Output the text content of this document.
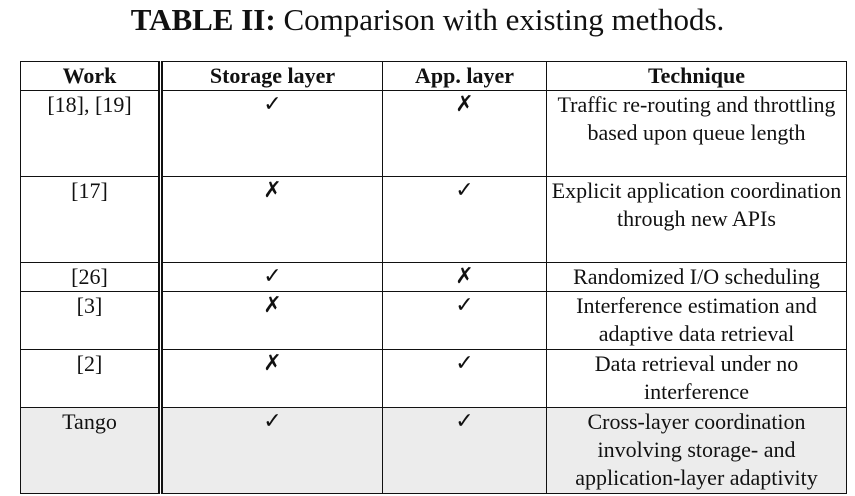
TABLE II: Comparison with existing methods.
Work	Storage layer	App. layer	Technique
[18], [19]	✓	✗	Traffic re-routing and throttling based upon queue length
[17]	✗	✓	Explicit application coordination through new APIs
[26]	✓	✗	Randomized I/O scheduling
[3]	✗	✓	Interference estimation and adaptive data retrieval
[2]	✗	✓	Data retrieval under no interference
Tango	✓	✓	Cross-layer coordination involving storage- and application-layer adaptivity
